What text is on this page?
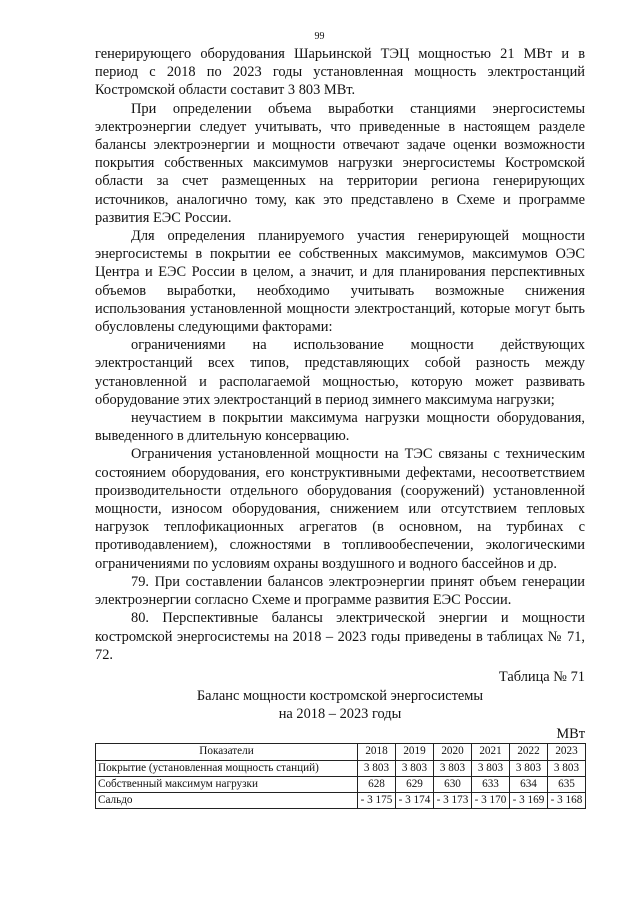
99

генерирующего оборудования Шарьинской ТЭЦ мощностью 21 МВт и в период с 2018 по 2023 годы установленная мощность электростанций Костромской области составит 3 803 МВт.

При определении объема выработки станциями энергосистемы электроэнергии следует учитывать, что приведенные в настоящем разделе балансы электроэнергии и мощности отвечают задаче оценки возможности покрытия собственных максимумов нагрузки энергосистемы Костромской области за счет размещенных на территории региона генерирующих источников, аналогично тому, как это представлено в Схеме и программе развития ЕЭС России.

Для определения планируемого участия генерирующей мощности энергосистемы в покрытии ее собственных максимумов, максимумов ОЭС Центра и ЕЭС России в целом, а значит, и для планирования перспективных объемов выработки, необходимо учитывать возможные снижения использования установленной мощности электростанций, которые могут быть обусловлены следующими факторами:

ограничениями на использование мощности действующих электростанций всех типов, представляющих собой разность между установленной и располагаемой мощностью, которую может развивать оборудование этих электростанций в период зимнего максимума нагрузки;

неучастием в покрытии максимума нагрузки мощности оборудования, выведенного в длительную консервацию.

Ограничения установленной мощности на ТЭС связаны с техническим состоянием оборудования, его конструктивными дефектами, несоответствием производительности отдельного оборудования (сооружений) установленной мощности, износом оборудования, снижением или отсутствием тепловых нагрузок теплофикационных агрегатов (в основном, на турбинах с противодавлением), сложностями в топливообеспечении, экологическими ограничениями по условиям охраны воздушного и водного бассейнов и др.

79. При составлении балансов электроэнергии принят объем генерации электроэнергии согласно Схеме и программе развития ЕЭС России.

80. Перспективные балансы электрической энергии и мощности костромской энергосистемы на 2018 – 2023 годы приведены в таблицах № 71, 72.

Таблица № 71
Баланс мощности костромской энергосистемы
на 2018 – 2023 годы
МВт
Показатели	2018	2019	2020	2021	2022	2023
Покрытие (установленная мощность станций)	3 803	3 803	3 803	3 803	3 803	3 803
Собственный максимум нагрузки	628	629	630	633	634	635
Сальдо	- 3 175	- 3 174	- 3 173	- 3 170	- 3 169	- 3 168
